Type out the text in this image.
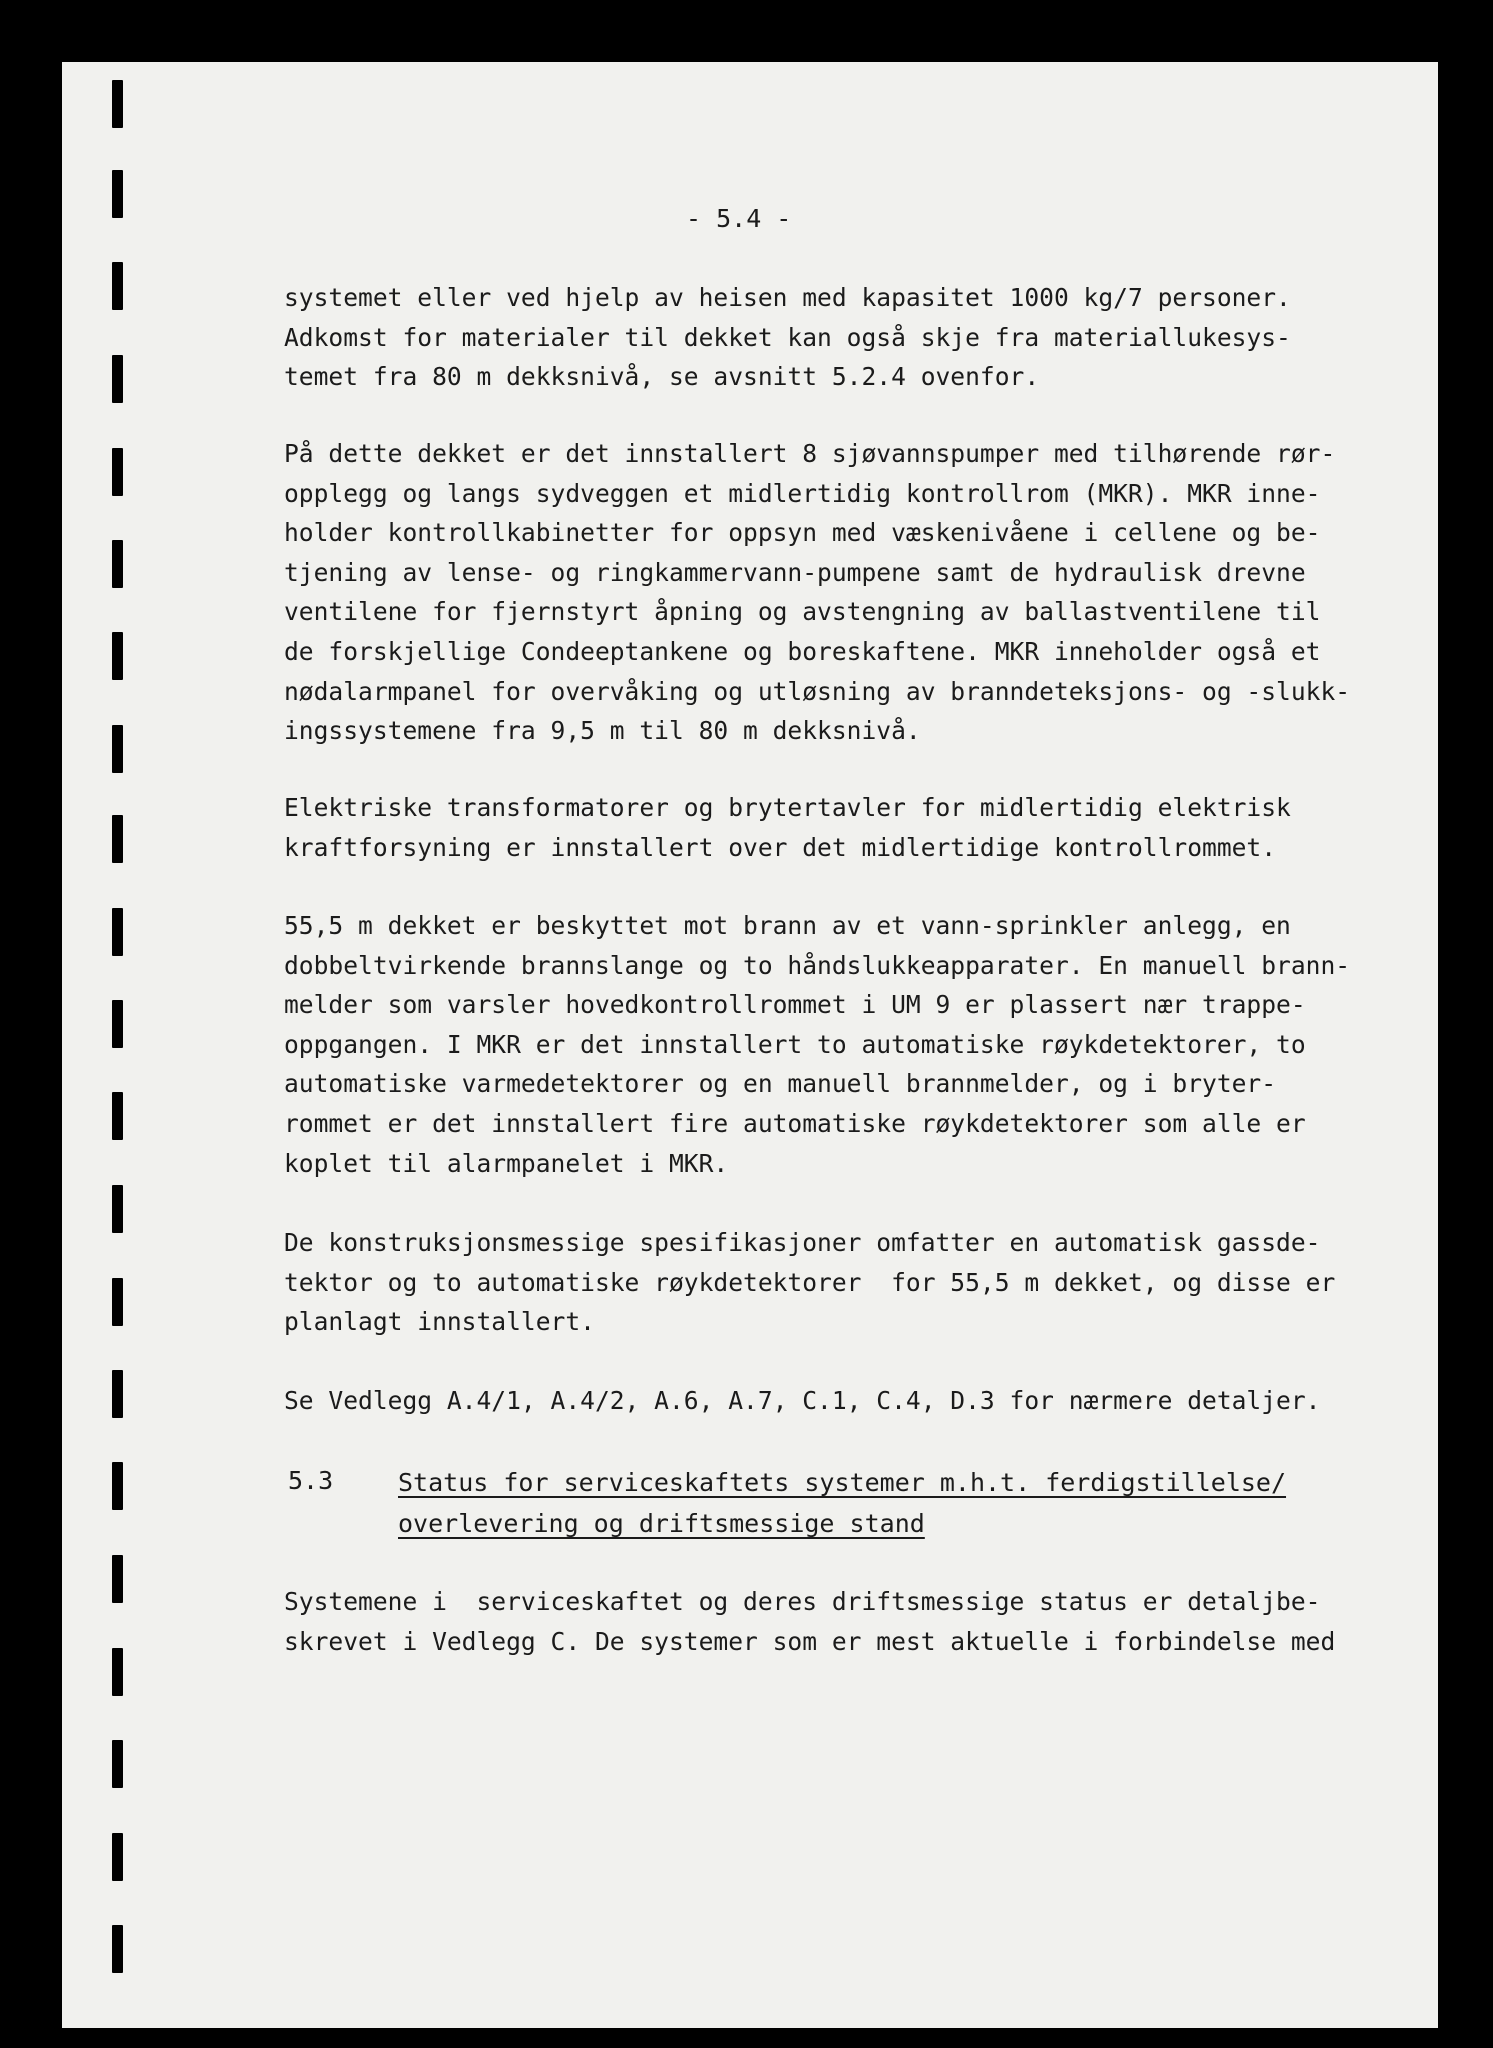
- 5.4 -
systemet eller ved hjelp av heisen med kapasitet 1000 kg/7 personer.
Adkomst for materialer til dekket kan også skje fra materiallukesys-
temet fra 80 m dekksnivå, se avsnitt 5.2.4 ovenfor.
På dette dekket er det innstallert 8 sjøvannspumper med tilhørende rør-
opplegg og langs sydveggen et midlertidig kontrollrom (MKR). MKR inne-
holder kontrollkabinetter for oppsyn med væskenivåene i cellene og be-
tjening av lense- og ringkammervann-pumpene samt de hydraulisk drevne
ventilene for fjernstyrt åpning og avstengning av ballastventilene til
de forskjellige Condeeptankene og boreskaftene. MKR inneholder også et
nødalarmpanel for overvåking og utløsning av branndeteksjons- og -slukk-
ingssystemene fra 9,5 m til 80 m dekksnivå.
Elektriske transformatorer og brytertavler for midlertidig elektrisk
kraftforsyning er innstallert over det midlertidige kontrollrommet.
55,5 m dekket er beskyttet mot brann av et vann-sprinkler anlegg, en
dobbeltvirkende brannslange og to håndslukkeapparater. En manuell brann-
melder som varsler hovedkontrollrommet i UM 9 er plassert nær trappe-
oppgangen. I MKR er det innstallert to automatiske røykdetektorer, to
automatiske varmedetektorer og en manuell brannmelder, og i bryter-
rommet er det innstallert fire automatiske røykdetektorer som alle er
koplet til alarmpanelet i MKR.
De konstruksjonsmessige spesifikasjoner omfatter en automatisk gassde-
tektor og to automatiske røykdetektorer  for 55,5 m dekket, og disse er
planlagt innstallert.
Se Vedlegg A.4/1, A.4/2, A.6, A.7, C.1, C.4, D.3 for nærmere detaljer.
5.3	Status for serviceskaftets systemer m.h.t. ferdigstillelse/
overlevering og driftsmessige stand
Systemene i  serviceskaftet og deres driftsmessige status er detaljbe-
skrevet i Vedlegg C. De systemer som er mest aktuelle i forbindelse med
